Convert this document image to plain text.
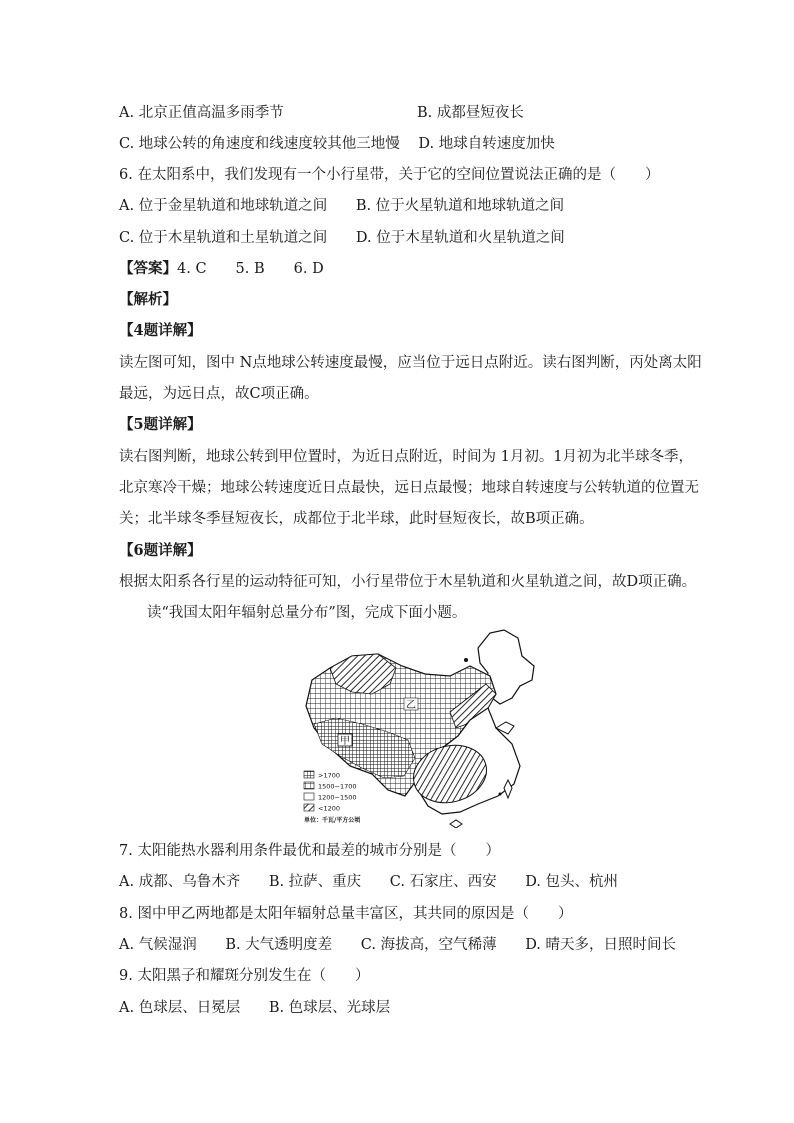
A. 北京正值高温多雨季节	B. 成都昼短夜长
C. 地球公转的角速度和线速度较其他三地慢 D. 地球自转速度加快
6. 在太阳系中，我们发现有一个小行星带，关于它的空间位置说法正确的是（　　）
A. 位于金星轨道和地球轨道之间 B. 位于火星轨道和地球轨道之间
C. 位于木星轨道和土星轨道之间 D. 位于木星轨道和火星轨道之间
【答案】4. C　　5. B　　6. D
【解析】
【4题详解】
读左图可知，图中 N点地球公转速度最慢，应当位于远日点附近。读右图判断，丙处离太阳
最远，为远日点，故C项正确。
【5题详解】
读右图判断，地球公转到甲位置时，为近日点附近，时间为 1月初。1月初为北半球冬季，
北京寒冷干燥；地球公转速度近日点最快，远日点最慢；地球自转速度与公转轨道的位置无
关；北半球冬季昼短夜长，成都位于北半球，此时昼短夜长，故B项正确。
【6题详解】
根据太阳系各行星的运动特征可知，小行星带位于木星轨道和火星轨道之间，故D项正确。
读“我国太阳年辐射总量分布”图，完成下面小题。
甲
乙
>1700
1500~1700
1200~1500
<1200
单位：千瓦/平方公顷
7. 太阳能热水器利用条件最优和最差的城市分别是（　　）
A. 成都、乌鲁木齐 B. 拉萨、重庆 C. 石家庄、西安 D. 包头、杭州
8. 图中甲乙两地都是太阳年辐射总量丰富区，其共同的原因是（　　）
A. 气候湿润 B. 大气透明度差 C. 海拔高，空气稀薄 D. 晴天多，日照时间长
9. 太阳黑子和耀斑分别发生在（　　）
A. 色球层、日冕层 B. 色球层、光球层
